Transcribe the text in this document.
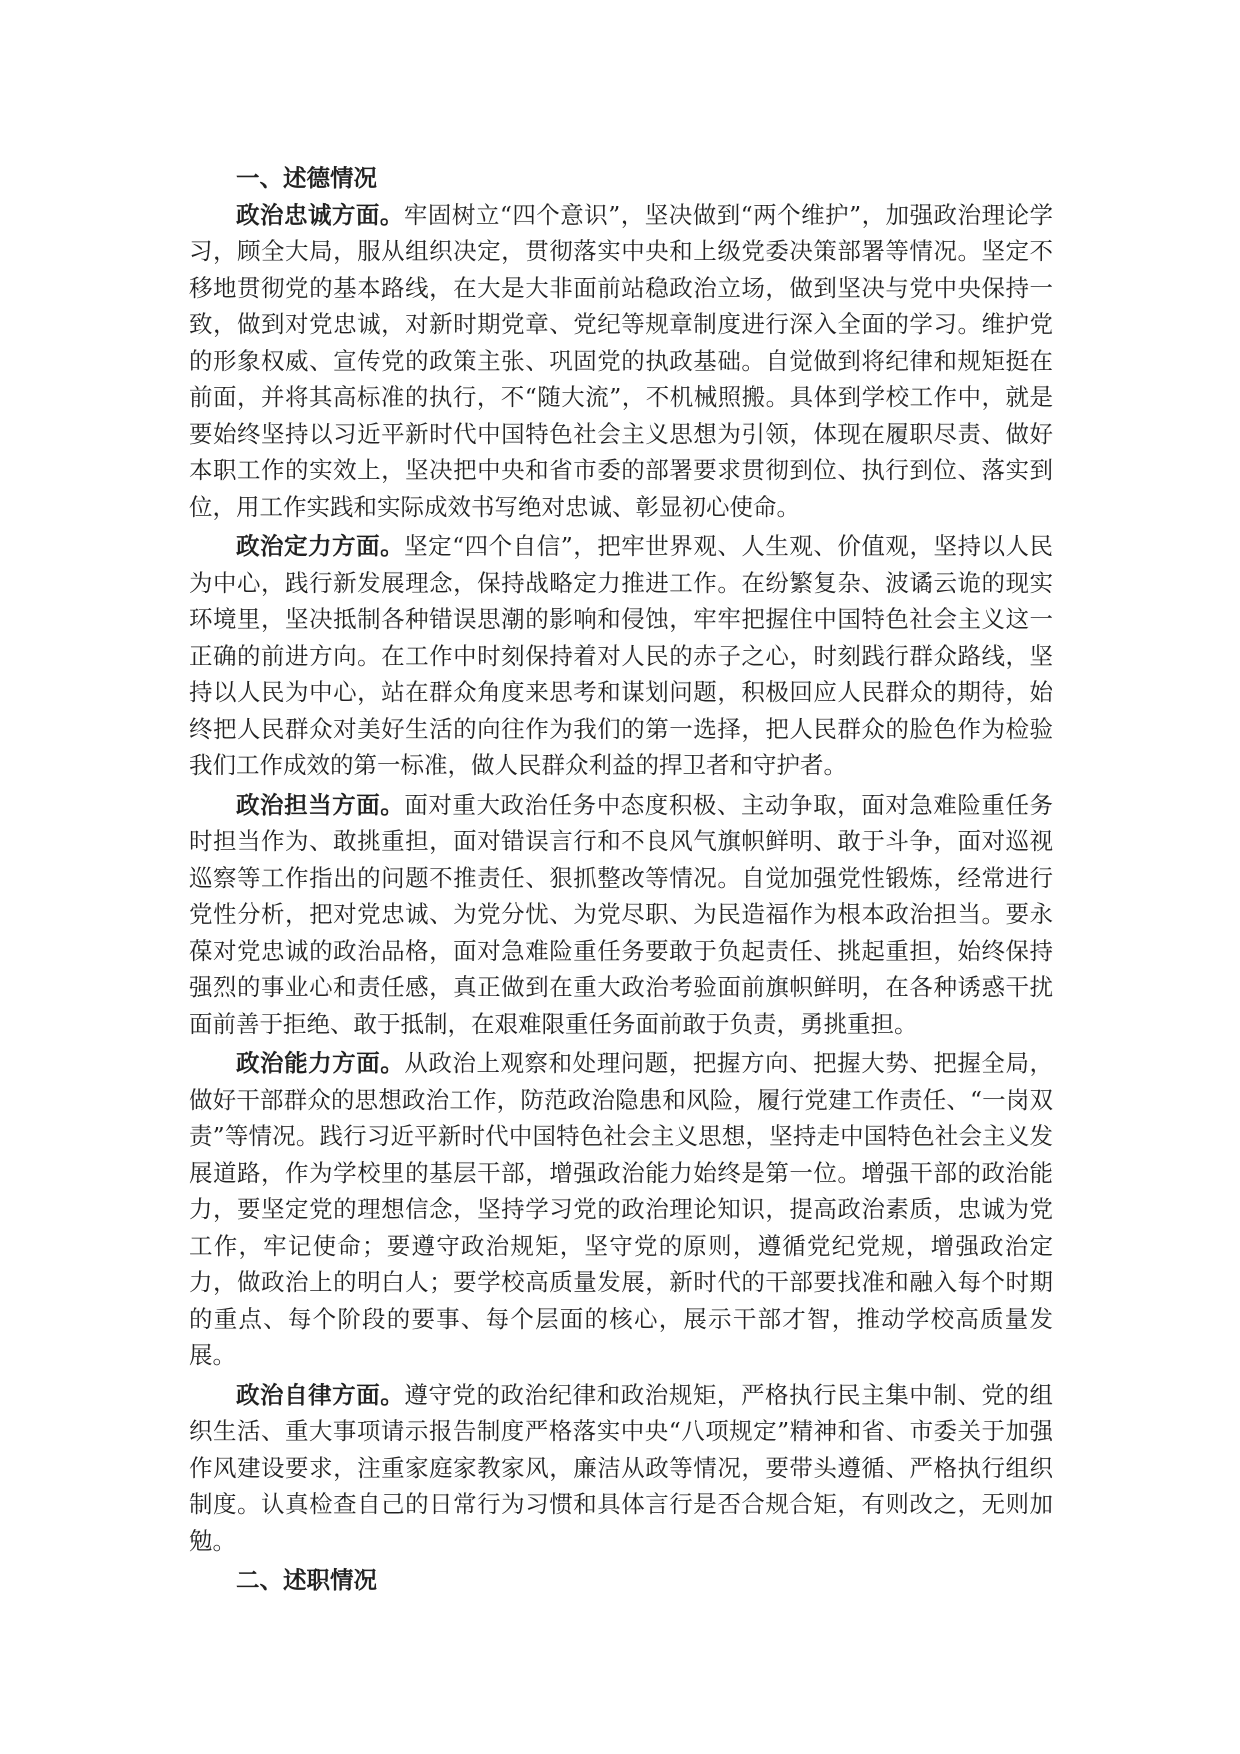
一、述德情况

政治忠诚方面。牢固树立“四个意识”，坚决做到“两个维护”，加强政治理论学习，顾全大局，服从组织决定，贯彻落实中央和上级党委决策部署等情况。坚定不移地贯彻党的基本路线，在大是大非面前站稳政治立场，做到坚决与党中央保持一致，做到对党忠诚，对新时期党章、党纪等规章制度进行深入全面的学习。维护党的形象权威、宣传党的政策主张、巩固党的执政基础。自觉做到将纪律和规矩挺在前面，并将其高标准的执行，不“随大流”，不机械照搬。具体到学校工作中，就是要始终坚持以习近平新时代中国特色社会主义思想为引领，体现在履职尽责、做好本职工作的实效上，坚决把中央和省市委的部署要求贯彻到位、执行到位、落实到位，用工作实践和实际成效书写绝对忠诚、彰显初心使命。

政治定力方面。坚定“四个自信”，把牢世界观、人生观、价值观，坚持以人民为中心，践行新发展理念，保持战略定力推进工作。在纷繁复杂、波谲云诡的现实环境里，坚决抵制各种错误思潮的影响和侵蚀，牢牢把握住中国特色社会主义这一正确的前进方向。在工作中时刻保持着对人民的赤子之心，时刻践行群众路线，坚持以人民为中心，站在群众角度来思考和谋划问题，积极回应人民群众的期待，始终把人民群众对美好生活的向往作为我们的第一选择，把人民群众的脸色作为检验我们工作成效的第一标准，做人民群众利益的捍卫者和守护者。

政治担当方面。面对重大政治任务中态度积极、主动争取，面对急难险重任务时担当作为、敢挑重担，面对错误言行和不良风气旗帜鲜明、敢于斗争，面对巡视巡察等工作指出的问题不推责任、狠抓整改等情况。自觉加强党性锻炼，经常进行党性分析，把对党忠诚、为党分忧、为党尽职、为民造福作为根本政治担当。要永葆对党忠诚的政治品格，面对急难险重任务要敢于负起责任、挑起重担，始终保持强烈的事业心和责任感，真正做到在重大政治考验面前旗帜鲜明，在各种诱惑干扰面前善于拒绝、敢于抵制，在艰难限重任务面前敢于负责，勇挑重担。

政治能力方面。从政治上观察和处理问题，把握方向、把握大势、把握全局，做好干部群众的思想政治工作，防范政治隐患和风险，履行党建工作责任、“一岗双责”等情况。践行习近平新时代中国特色社会主义思想，坚持走中国特色社会主义发展道路，作为学校里的基层干部，增强政治能力始终是第一位。增强干部的政治能力，要坚定党的理想信念，坚持学习党的政治理论知识，提高政治素质，忠诚为党工作，牢记使命；要遵守政治规矩，坚守党的原则，遵循党纪党规，增强政治定力，做政治上的明白人；要学校高质量发展，新时代的干部要找准和融入每个时期的重点、每个阶段的要事、每个层面的核心，展示干部才智，推动学校高质量发展。

政治自律方面。遵守党的政治纪律和政治规矩，严格执行民主集中制、党的组织生活、重大事项请示报告制度严格落实中央“八项规定”精神和省、市委关于加强作风建设要求，注重家庭家教家风，廉洁从政等情况，要带头遵循、严格执行组织制度。认真检查自己的日常行为习惯和具体言行是否合规合矩，有则改之，无则加勉。

二、述职情况
